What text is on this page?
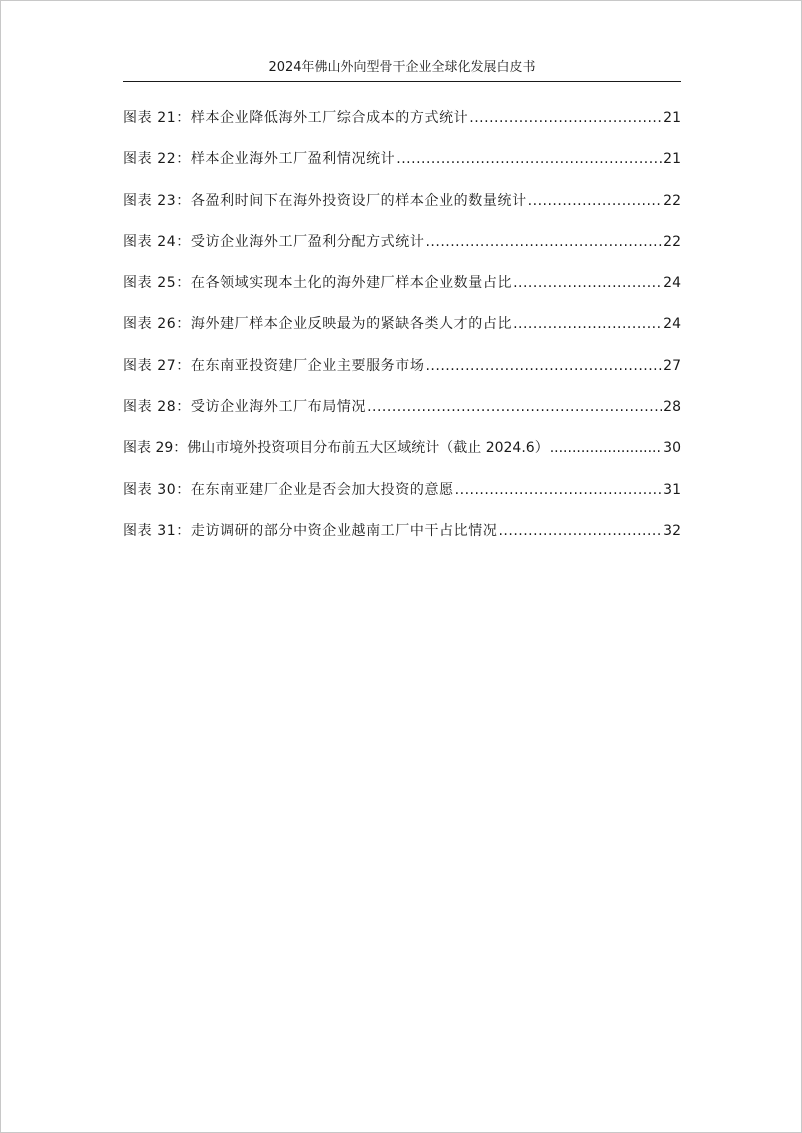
2024年佛山外向型骨干企业全球化发展白皮书
图表 21：样本企业降低海外工厂综合成本的方式统计 .....	21
图表 22：样本企业海外工厂盈利情况统计 .....	21
图表 23：各盈利时间下在海外投资设厂的样本企业的数量统计 .....	22
图表 24：受访企业海外工厂盈利分配方式统计 .....	22
图表 25：在各领域实现本土化的海外建厂样本企业数量占比 .....	24
图表 26：海外建厂样本企业反映最为的紧缺各类人才的占比 .....	24
图表 27：在东南亚投资建厂企业主要服务市场 .....	27
图表 28：受访企业海外工厂布局情况 .....	28
图表 29：佛山市境外投资项目分布前五大区域统计（截止 2024.6） .....	30
图表 30：在东南亚建厂企业是否会加大投资的意愿 .....	31
图表 31：走访调研的部分中资企业越南工厂中干占比情况 .....	32
